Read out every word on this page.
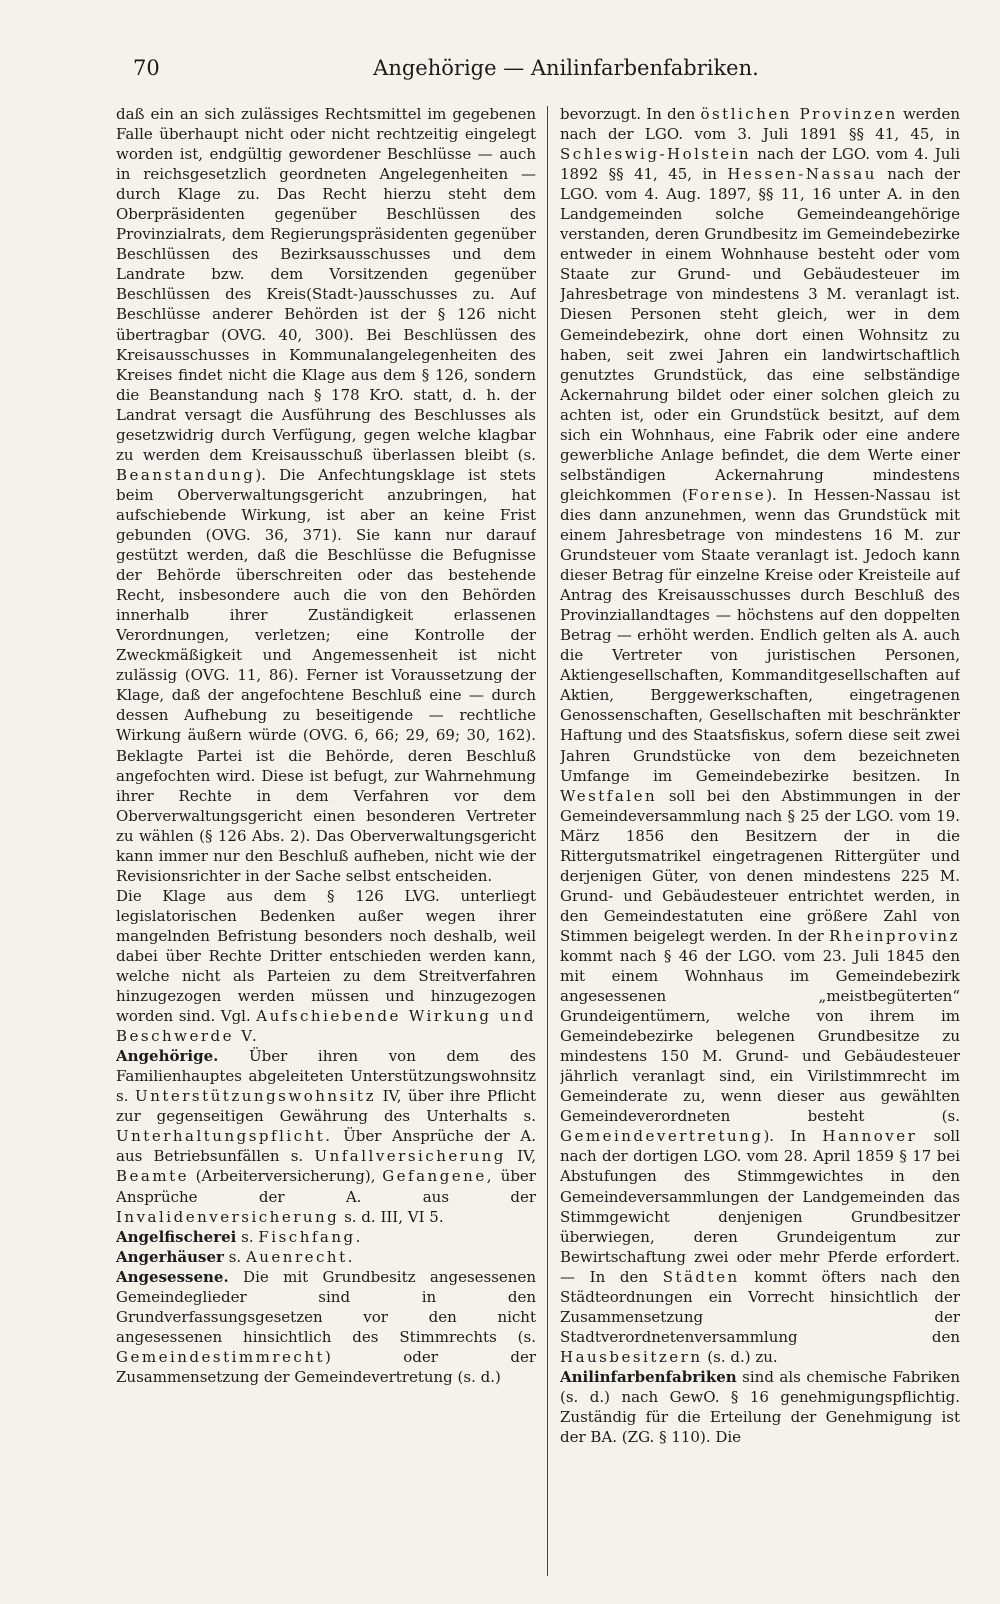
70	Angehörige — Anilinfarbenfabriken.

daß ein an sich zulässiges Rechtsmittel im gegebenen Falle überhaupt nicht oder nicht rechtzeitig eingelegt worden ist, endgültig gewordener Beschlüsse — auch in reichsgesetzlich geordneten Angelegenheiten — durch Klage zu. Das Recht hierzu steht dem Oberpräsidenten gegenüber Beschlüssen des Provinzialrats, dem Regierungspräsidenten gegenüber Beschlüssen des Bezirksausschusses und dem Landrate bzw. dem Vorsitzenden gegenüber Beschlüssen des Kreis(Stadt-)ausschusses zu. Auf Beschlüsse anderer Behörden ist der § 126 nicht übertragbar (OVG. 40, 300). Bei Beschlüssen des Kreisausschusses in Kommunalangelegenheiten des Kreises findet nicht die Klage aus dem § 126, sondern die Beanstandung nach § 178 KrO. statt, d. h. der Landrat versagt die Ausführung des Beschlusses als gesetzwidrig durch Verfügung, gegen welche klagbar zu werden dem Kreisausschuß überlassen bleibt (s. Beanstandung). Die Anfechtungsklage ist stets beim Oberverwaltungsgericht anzubringen, hat aufschiebende Wirkung, ist aber an keine Frist gebunden (OVG. 36, 371). Sie kann nur darauf gestützt werden, daß die Beschlüsse die Befugnisse der Behörde überschreiten oder das bestehende Recht, insbesondere auch die von den Behörden innerhalb ihrer Zuständigkeit erlassenen Verordnungen, verletzen; eine Kontrolle der Zweckmäßigkeit und Angemessenheit ist nicht zulässig (OVG. 11, 86). Ferner ist Voraussetzung der Klage, daß der angefochtene Beschluß eine — durch dessen Aufhebung zu beseitigende — rechtliche Wirkung äußern würde (OVG. 6, 66; 29, 69; 30, 162). Beklagte Partei ist die Behörde, deren Beschluß angefochten wird. Diese ist befugt, zur Wahrnehmung ihrer Rechte in dem Verfahren vor dem Oberverwaltungsgericht einen besonderen Vertreter zu wählen (§ 126 Abs. 2). Das Oberverwaltungsgericht kann immer nur den Beschluß aufheben, nicht wie der Revisionsrichter in der Sache selbst entscheiden.

Die Klage aus dem § 126 LVG. unterliegt legislatorischen Bedenken außer wegen ihrer mangelnden Befristung besonders noch deshalb, weil dabei über Rechte Dritter entschieden werden kann, welche nicht als Parteien zu dem Streitverfahren hinzugezogen werden müssen und hinzugezogen worden sind. Vgl. Aufschiebende Wirkung und Beschwerde V.

Angehörige. Über ihren von dem des Familienhauptes abgeleiteten Unterstützungswohnsitz s. Unterstützungswohnsitz IV, über ihre Pflicht zur gegenseitigen Gewährung des Unterhalts s. Unterhaltungspflicht. Über Ansprüche der A. aus Betriebsunfällen s. Unfallversicherung IV, Beamte (Arbeiterversicherung), Gefangene, über Ansprüche der A. aus der Invalidenversicherung s. d. III, VI 5.

Angelfischerei s. Fischfang.

Angerhäuser s. Auenrecht.

Angesessene. Die mit Grundbesitz angesessenen Gemeindeglieder sind in den Grundverfassungsgesetzen vor den nicht angesessenen hinsichtlich des Stimmrechts (s. Gemeindestimmrecht) oder der Zusammensetzung der Gemeindevertretung (s. d.)

bevorzugt. In den östlichen Provinzen werden nach der LGO. vom 3. Juli 1891 §§ 41, 45, in Schleswig-Holstein nach der LGO. vom 4. Juli 1892 §§ 41, 45, in Hessen-Nassau nach der LGO. vom 4. Aug. 1897, §§ 11, 16 unter A. in den Landgemeinden solche Gemeindeangehörige verstanden, deren Grundbesitz im Gemeindebezirke entweder in einem Wohnhause besteht oder vom Staate zur Grund- und Gebäudesteuer im Jahresbetrage von mindestens 3 M. veranlagt ist. Diesen Personen steht gleich, wer in dem Gemeindebezirk, ohne dort einen Wohnsitz zu haben, seit zwei Jahren ein landwirtschaftlich genutztes Grundstück, das eine selbständige Ackernahrung bildet oder einer solchen gleich zu achten ist, oder ein Grundstück besitzt, auf dem sich ein Wohnhaus, eine Fabrik oder eine andere gewerbliche Anlage befindet, die dem Werte einer selbständigen Ackernahrung mindestens gleichkommen (Forense). In Hessen-Nassau ist dies dann anzunehmen, wenn das Grundstück mit einem Jahresbetrage von mindestens 16 M. zur Grundsteuer vom Staate veranlagt ist. Jedoch kann dieser Betrag für einzelne Kreise oder Kreisteile auf Antrag des Kreisausschusses durch Beschluß des Provinziallandtages — höchstens auf den doppelten Betrag — erhöht werden. Endlich gelten als A. auch die Vertreter von juristischen Personen, Aktiengesellschaften, Kommanditgesellschaften auf Aktien, Berggewerkschaften, eingetragenen Genossenschaften, Gesellschaften mit beschränkter Haftung und des Staatsfiskus, sofern diese seit zwei Jahren Grundstücke von dem bezeichneten Umfange im Gemeindebezirke besitzen. In Westfalen soll bei den Abstimmungen in der Gemeindeversammlung nach § 25 der LGO. vom 19. März 1856 den Besitzern der in die Rittergutsmatrikel eingetragenen Rittergüter und derjenigen Güter, von denen mindestens 225 M. Grund- und Gebäudesteuer entrichtet werden, in den Gemeindestatuten eine größere Zahl von Stimmen beigelegt werden. In der Rheinprovinz kommt nach § 46 der LGO. vom 23. Juli 1845 den mit einem Wohnhaus im Gemeindebezirk angesessenen „meistbegüterten“ Grundeigentümern, welche von ihrem im Gemeindebezirke belegenen Grundbesitze zu mindestens 150 M. Grund- und Gebäudesteuer jährlich veranlagt sind, ein Virilstimmrecht im Gemeinderate zu, wenn dieser aus gewählten Gemeindeverordneten besteht (s. Gemeindevertretung). In Hannover soll nach der dortigen LGO. vom 28. April 1859 § 17 bei Abstufungen des Stimmgewichtes in den Gemeindeversammlungen der Landgemeinden das Stimmgewicht denjenigen Grundbesitzer überwiegen, deren Grundeigentum zur Bewirtschaftung zwei oder mehr Pferde erfordert. — In den Städten kommt öfters nach den Städteordnungen ein Vorrecht hinsichtlich der Zusammensetzung der Stadtverordnetenversammlung den Hausbesitzern (s. d.) zu.

Anilinfarbenfabriken sind als chemische Fabriken (s. d.) nach GewO. § 16 genehmigungspflichtig. Zuständig für die Erteilung der Genehmigung ist der BA. (ZG. § 110). Die
